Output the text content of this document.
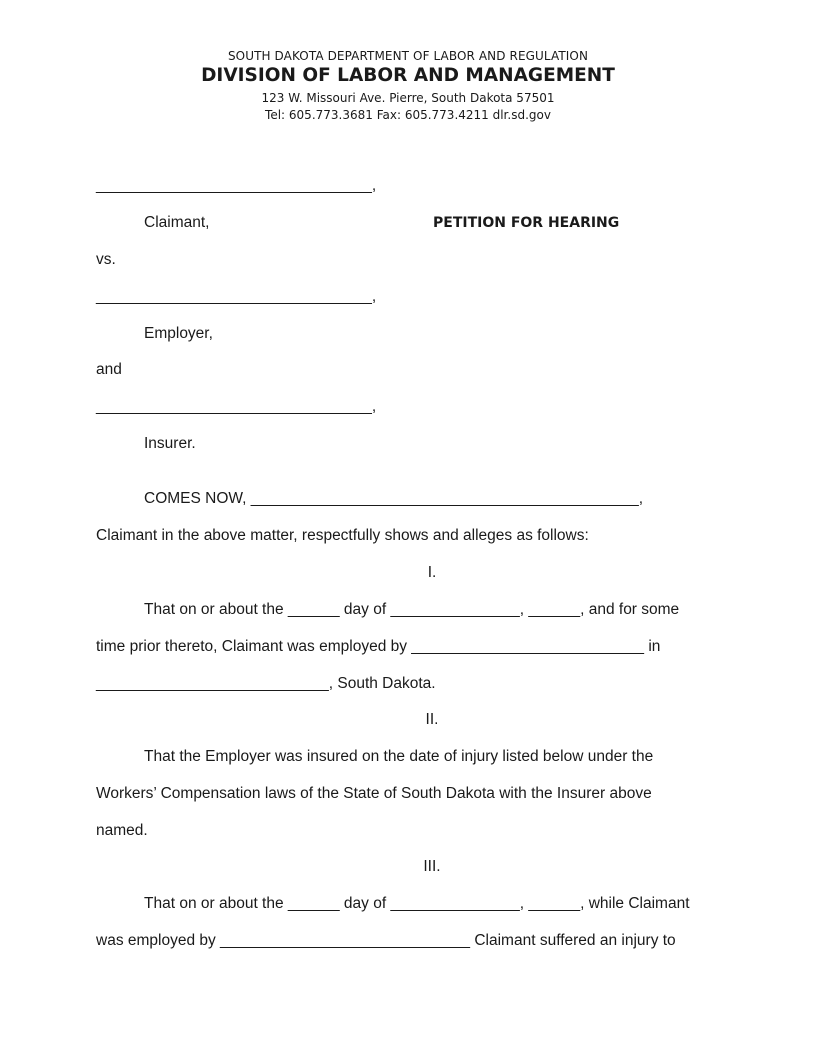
SOUTH DAKOTA DEPARTMENT OF LABOR AND REGULATION
DIVISION OF LABOR AND MANAGEMENT
123 W. Missouri Ave. Pierre, South Dakota 57501
Tel: 605.773.3681 Fax: 605.773.4211 dlr.sd.gov
________________________________,
Claimant,	PETITION FOR HEARING
vs.
________________________________,
Employer,
and
________________________________,
Insurer.
COMES NOW, _____________________________________________,
Claimant in the above matter, respectfully shows and alleges as follows:
I.
That on or about the ______ day of _______________, ______, and for some
time prior thereto, Claimant was employed by ___________________________ in
___________________________, South Dakota.
II.
That the Employer was insured on the date of injury listed below under the
Workers’ Compensation laws of the State of South Dakota with the Insurer above
named.
III.
That on or about the ______ day of _______________, ______, while Claimant
was employed by _____________________________ Claimant suffered an injury to
